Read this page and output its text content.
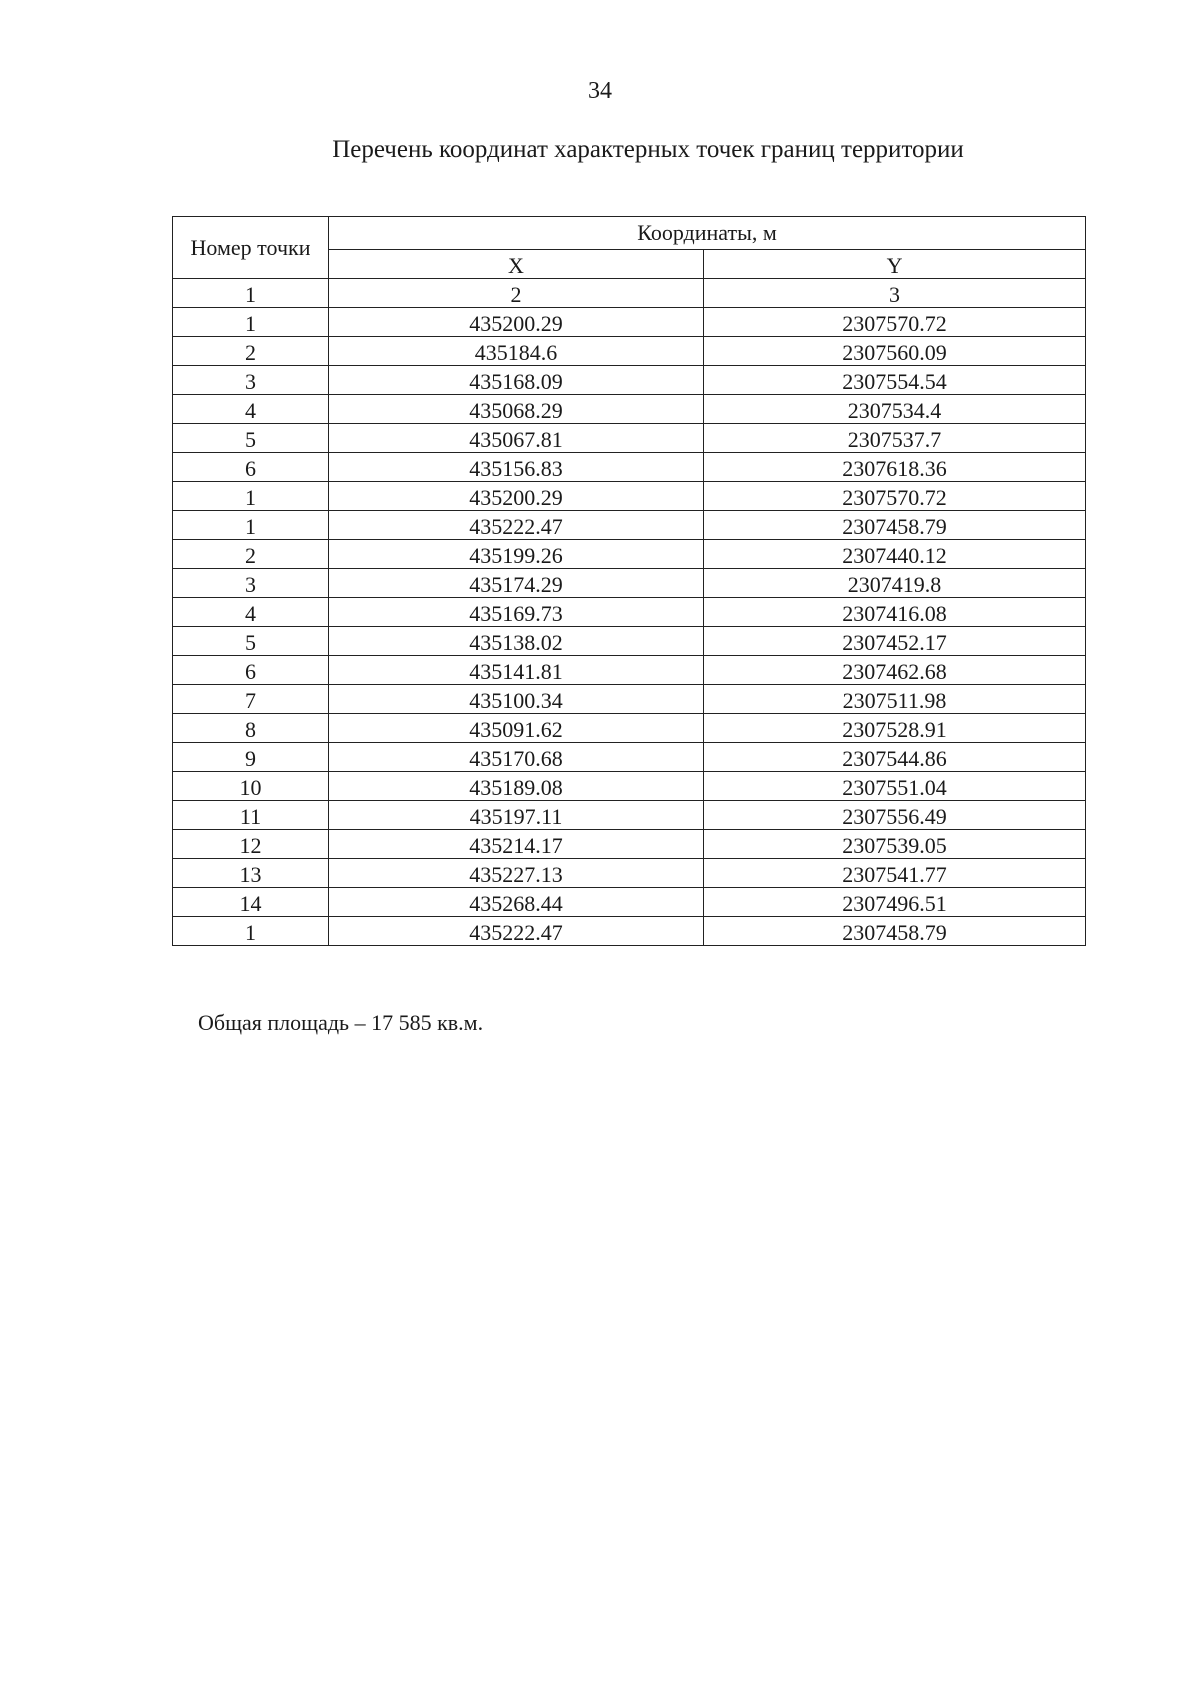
34
Перечень координат характерных точек границ территории
Номер точки	Координаты, м	
	X	Y
1	2	3
1	435200.29	2307570.72
2	435184.6	2307560.09
3	435168.09	2307554.54
4	435068.29	2307534.4
5	435067.81	2307537.7
6	435156.83	2307618.36
1	435200.29	2307570.72
1	435222.47	2307458.79
2	435199.26	2307440.12
3	435174.29	2307419.8
4	435169.73	2307416.08
5	435138.02	2307452.17
6	435141.81	2307462.68
7	435100.34	2307511.98
8	435091.62	2307528.91
9	435170.68	2307544.86
10	435189.08	2307551.04
11	435197.11	2307556.49
12	435214.17	2307539.05
13	435227.13	2307541.77
14	435268.44	2307496.51
1	435222.47	2307458.79
Общая площадь – 17 585 кв.м.
